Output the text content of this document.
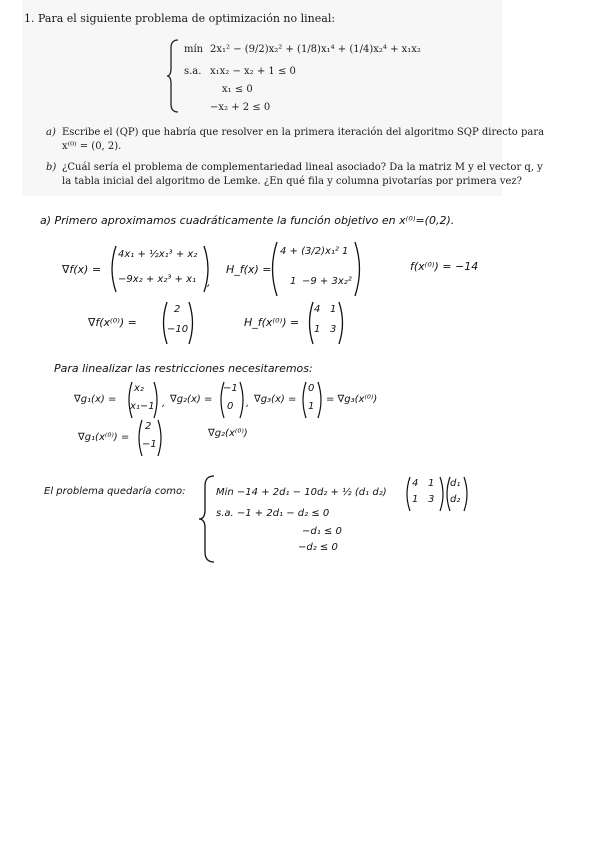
1. Para el siguiente problema de optimización no lineal:
mín 2x₁² − (9/2)x₂² + (1/8)x₁⁴ + (1/4)x₂⁴ + x₁x₂
s.a. x₁x₂ − x₂ + 1 ≤ 0
x₁ ≤ 0
−x₂ + 2 ≤ 0
a) Escribe el (QP) que habría que resolver en la primera iteración del algoritmo SQP directo para
x⁽⁰⁾ = (0, 2).
b) ¿Cuál sería el problema de complementariedad lineal asociado? Da la matriz M y el vector q, y
la tabla inicial del algoritmo de Lemke. ¿En qué fila y columna pivotarías por primera vez?
a) Primero aproximamos cuadráticamente la función objetivo en x⁽⁰⁾=(0,2).
∇f(x) =
4x₁ + ½x₁³ + x₂
−9x₂ + x₂³ + x₁ ,
H_f(x) =
4 + (3/2)x₁² 1
1 −9 + 3x₂²
f(x⁽⁰⁾) = −14
∇f(x⁽⁰⁾) =
2
−10
H_f(x⁽⁰⁾) =
4 1
1 3
Para linealizar las restricciones necesitaremos:
∇g₁(x) =
x₂
x₁−1 , ∇g₂(x) =
−1
0 , ∇g₃(x) =
0
1
= ∇g₃(x⁽⁰⁾)
∇g₁(x⁽⁰⁾) =
2
−1
∇g₂(x⁽⁰⁾)
El problema quedaría como:	Min −14 + 2d₁ − 10d₂ + ½ (d₁ d₂)
4 1
1 3
d₁
d₂
s.a. −1 + 2d₁ − d₂ ≤ 0
−d₁ ≤ 0
−d₂ ≤ 0
